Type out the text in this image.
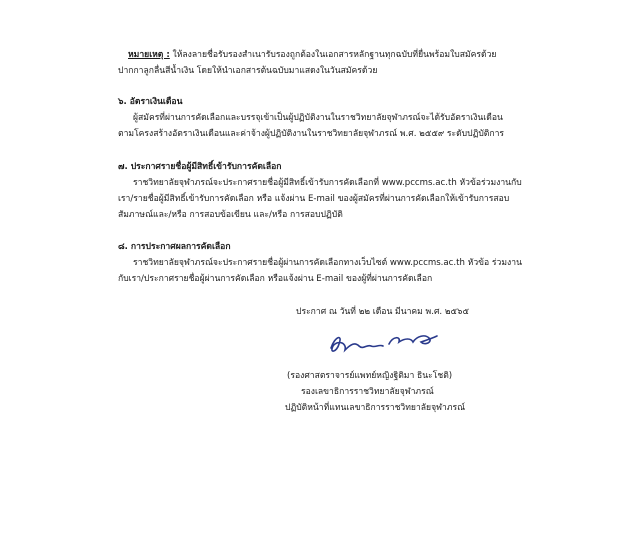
หมายเหตุ : ให้ลงลายชื่อรับรองสำเนารับรองถูกต้องในเอกสารหลักฐานทุกฉบับที่ยื่นพร้อมใบสมัครด้วย
ปากกาลูกลื่นสีน้ำเงิน โดยให้นำเอกสารต้นฉบับมาแสดงในวันสมัครด้วย
๖. อัตราเงินเดือน
ผู้สมัครที่ผ่านการคัดเลือกและบรรจุเข้าเป็นผู้ปฏิบัติงานในราชวิทยาลัยจุฬาภรณ์จะได้รับอัตราเงินเดือน
ตามโครงสร้างอัตราเงินเดือนและค่าจ้างผู้ปฏิบัติงานในราชวิทยาลัยจุฬาภรณ์ พ.ศ. ๒๕๕๙ ระดับปฏิบัติการ
๗. ประกาศรายชื่อผู้มีสิทธิ์เข้ารับการคัดเลือก
ราชวิทยาลัยจุฬาภรณ์จะประกาศรายชื่อผู้มีสิทธิ์เข้ารับการคัดเลือกที่ www.pccms.ac.th หัวข้อร่วมงานกับ
เรา/รายชื่อผู้มีสิทธิ์เข้ารับการคัดเลือก หรือ แจ้งผ่าน E-mail ของผู้สมัครที่ผ่านการคัดเลือกให้เข้ารับการสอบ
สัมภาษณ์และ/หรือ การสอบข้อเขียน และ/หรือ การสอบปฏิบัติ
๘. การประกาศผลการคัดเลือก
ราชวิทยาลัยจุฬาภรณ์จะประกาศรายชื่อผู้ผ่านการคัดเลือกทางเว็บไซต์ www.pccms.ac.th หัวข้อ ร่วมงาน
กับเรา/ประกาศรายชื่อผู้ผ่านการคัดเลือก หรือแจ้งผ่าน E-mail ของผู้ที่ผ่านการคัดเลือก
ประกาศ ณ วันที่ ๒๒ เดือน มีนาคม พ.ศ. ๒๕๖๕
(รองศาสตราจารย์แพทย์หญิงฐิติมา ธินะโชติ)
รองเลขาธิการราชวิทยาลัยจุฬาภรณ์
ปฏิบัติหน้าที่แทนเลขาธิการราชวิทยาลัยจุฬาภรณ์
